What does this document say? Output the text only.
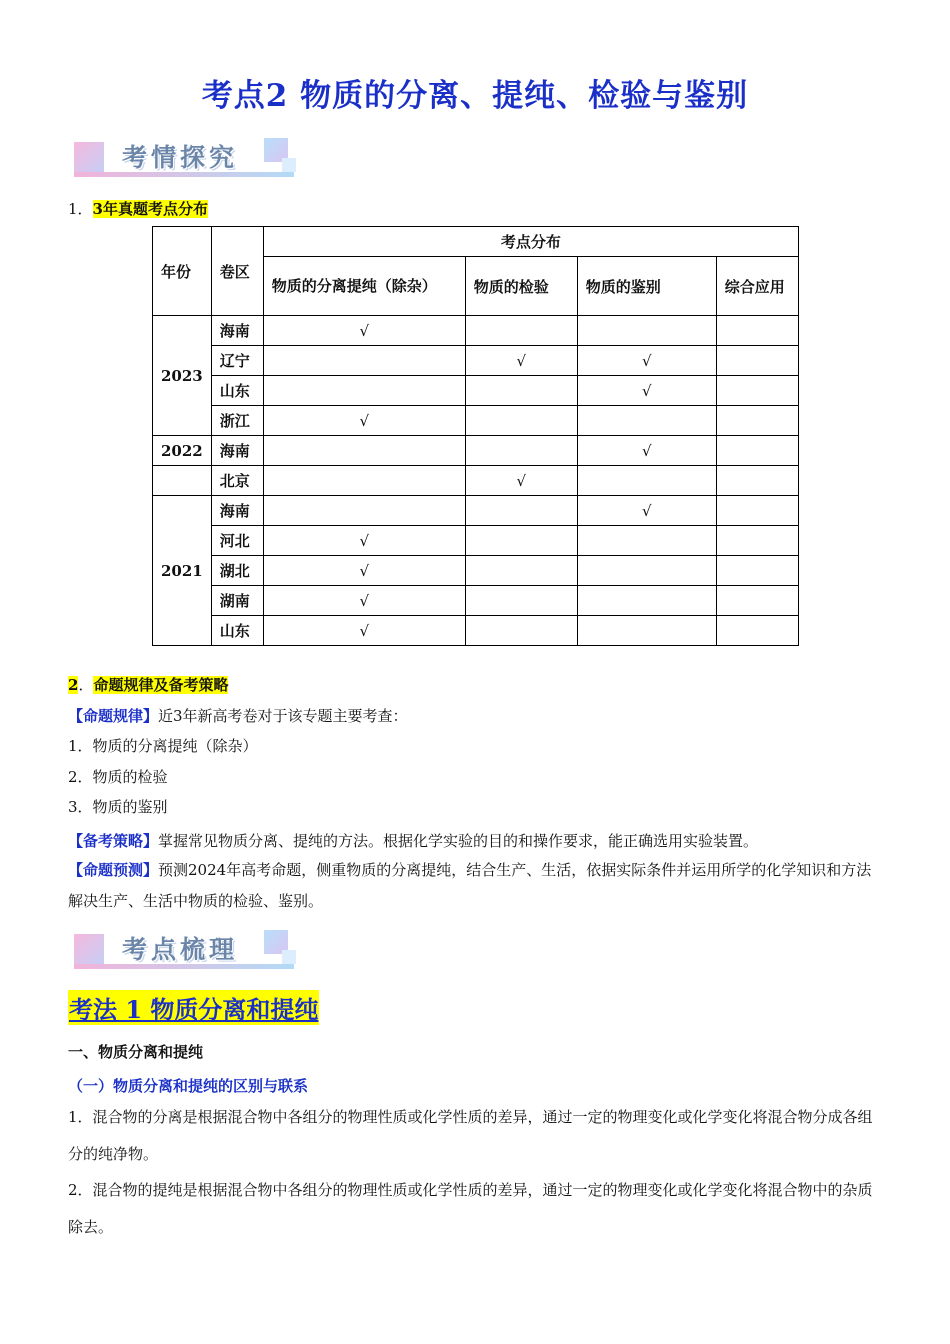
考点2 物质的分离、提纯、检验与鉴别
考情探究
1．3年真题考点分布
年份	卷区	考点分布			
		物质的分离提纯（除杂）	物质的检验	物质的鉴别	综合应用
2023	海南	√			
	辽宁		√	√	
	山东			√	
	浙江	√			
2022	海南			√	
	北京		√		
2021	海南			√	
	河北	√			
	湖北	√			
	湖南	√			
	山东	√			
2．命题规律及备考策略
【命题规律】近3年新高考卷对于该专题主要考查：
1．物质的分离提纯（除杂）
2．物质的检验
3．物质的鉴别
【备考策略】掌握常见物质分离、提纯的方法。根据化学实验的目的和操作要求，能正确选用实验装置。
【命题预测】预测2024年高考命题，侧重物质的分离提纯，结合生产、生活，依据实际条件并运用所学的化学知识和方法解决生产、生活中物质的检验、鉴别。
考点梳理
考法 1 物质分离和提纯
一、物质分离和提纯
（一）物质分离和提纯的区别与联系
1．混合物的分离是根据混合物中各组分的物理性质或化学性质的差异，通过一定的物理变化或化学变化将混合物分成各组分的纯净物。
2．混合物的提纯是根据混合物中各组分的物理性质或化学性质的差异，通过一定的物理变化或化学变化将混合物中的杂质除去。
